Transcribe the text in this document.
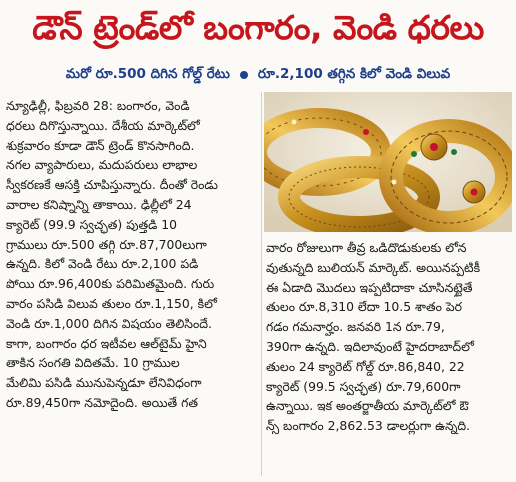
డౌన్ ట్రెండ్‌లో బంగారం, వెండి ధరలు
మరో రూ.500 దిగిన గోల్డ్ రేటు రూ.2,100 తగ్గిన కిలో వెండి విలువ
న్యూఢిల్లీ, ఫిబ్రవరి 28: బంగారం, వెండి
ధరలు దిగొస్తున్నాయి. దేశీయ మార్కెట్‌లో
శుక్రవారం కూడా డౌన్ ట్రెండ్ కొనసాగింది.
నగల వ్యాపారులు, మదుపరులు లాభాల
స్వీకరణకే ఆసక్తి చూపిస్తున్నారు. దీంతో రెండు
వారాల కనిష్నాన్ని తాకాయి. ఢిల్లీలో 24
క్యారెట్ (99.9 స్వచ్ఛత) పుత్తడి 10
గ్రాములు రూ.500 తగ్గి రూ.87,700లుగా
ఉన్నది. కిలో వెండి రేటు రూ.2,100 పడి
పోయి రూ.96,400కు పరిమితమైంది. గురు
వారం పసిడి విలువ తులం రూ.1,150, కిలో
వెండి రూ.1,000 దిగిన విషయం తెలిసిందే.
కాగా, బంగారం ధర ఇటీవల ఆల్‌టైమ్ హైని
తాకిన సంగతి విదితమే. 10 గ్రాముల
మేలిమి పసిడి మునుపెన్నడూ లేనివిధంగా
రూ.89,450గా నమోదైంది. అయితే గత
వారం రోజులుగా తీవ్ర ఒడిదొడుకులకు లోన
వుతున్నది బులియన్ మార్కెట్. అయినప్పటికీ
ఈ ఏడాది మొదలు ఇప్పటిదాకా చూసినట్టైతే
తులం రూ.8,310 లేదా 10.5 శాతం పెర
గడం గమనార్హం. జనవరి 1న రూ.79,
390గా ఉన్నది. ఇదిలావుంటే హైదరాబాద్‌లో
తులం 24 క్యారెట్ గోల్డ్ రూ.86,840, 22
క్యారెట్ (99.5 స్వచ్ఛత) రూ.79,600గా
ఉన్నాయి. ఇక అంతర్జాతీయ మార్కెట్‌లో ఔ
న్స్ బంగారం 2,862.53 డాలర్లుగా ఉన్నది.
